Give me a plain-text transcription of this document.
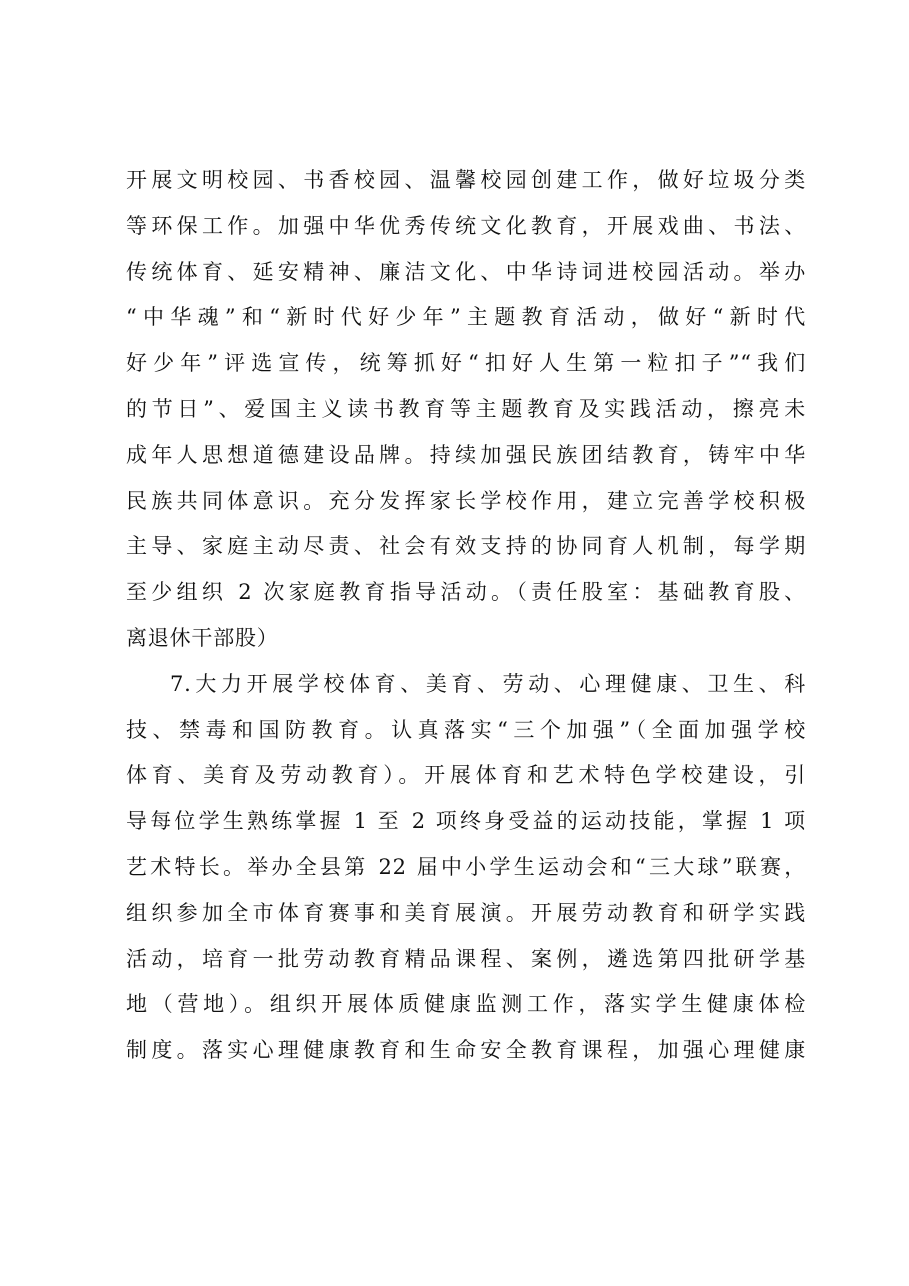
开展文明校园、书香校园、温馨校园创建工作，做好垃圾分类
等环保工作。加强中华优秀传统文化教育，开展戏曲、书法、
传统体育、延安精神、廉洁文化、中华诗词进校园活动。举办
“中华魂”和“新时代好少年”主题教育活动，做好“新时代
好少年”评选宣传，统筹抓好“扣好人生第一粒扣子”“我们
的节日”、爱国主义读书教育等主题教育及实践活动，擦亮未
成年人思想道德建设品牌。持续加强民族团结教育，铸牢中华
民族共同体意识。充分发挥家长学校作用，建立完善学校积极
主导、家庭主动尽责、社会有效支持的协同育人机制，每学期
至少组织 2 次家庭教育指导活动。（责任股室：基础教育股、
离退休干部股）
7.大力开展学校体育、美育、劳动、心理健康、卫生、科
技、禁毒和国防教育。认真落实“三个加强”（全面加强学校
体育、美育及劳动教育）。开展体育和艺术特色学校建设，引
导每位学生熟练掌握 1 至 2 项终身受益的运动技能，掌握 1 项
艺术特长。举办全县第 22 届中小学生运动会和“三大球”联赛，
组织参加全市体育赛事和美育展演。开展劳动教育和研学实践
活动，培育一批劳动教育精品课程、案例，遴选第四批研学基
地（营地）。组织开展体质健康监测工作，落实学生健康体检
制度。落实心理健康教育和生命安全教育课程，加强心理健康
